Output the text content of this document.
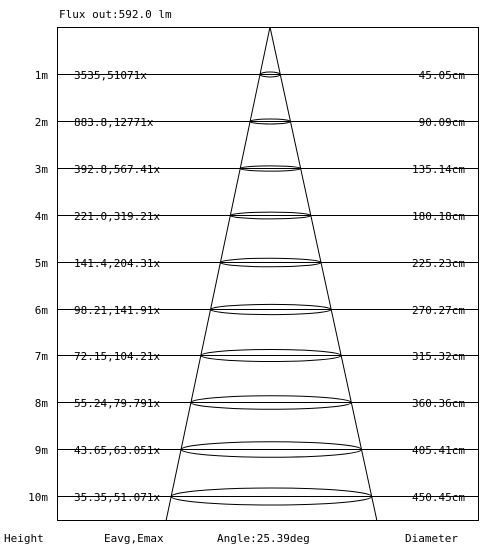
Flux out:592.0 lm
1m 3535,51071x	45.05cm
2m 883.8,12771x	90.09cm
3m 392.8,567.41x	135.14cm
4m 221.0,319.21x	180.18cm
5m 141.4,204.31x	225.23cm
6m 98.21,141.91x	270.27cm
7m 72.15,104.21x	315.32cm
8m 55.24,79.791x	360.36cm
9m 43.65,63.051x	405.41cm
10m 35.35,51.071x	450.45cm
Height	Eavg,Emax	Angle:25.39deg	Diameter
